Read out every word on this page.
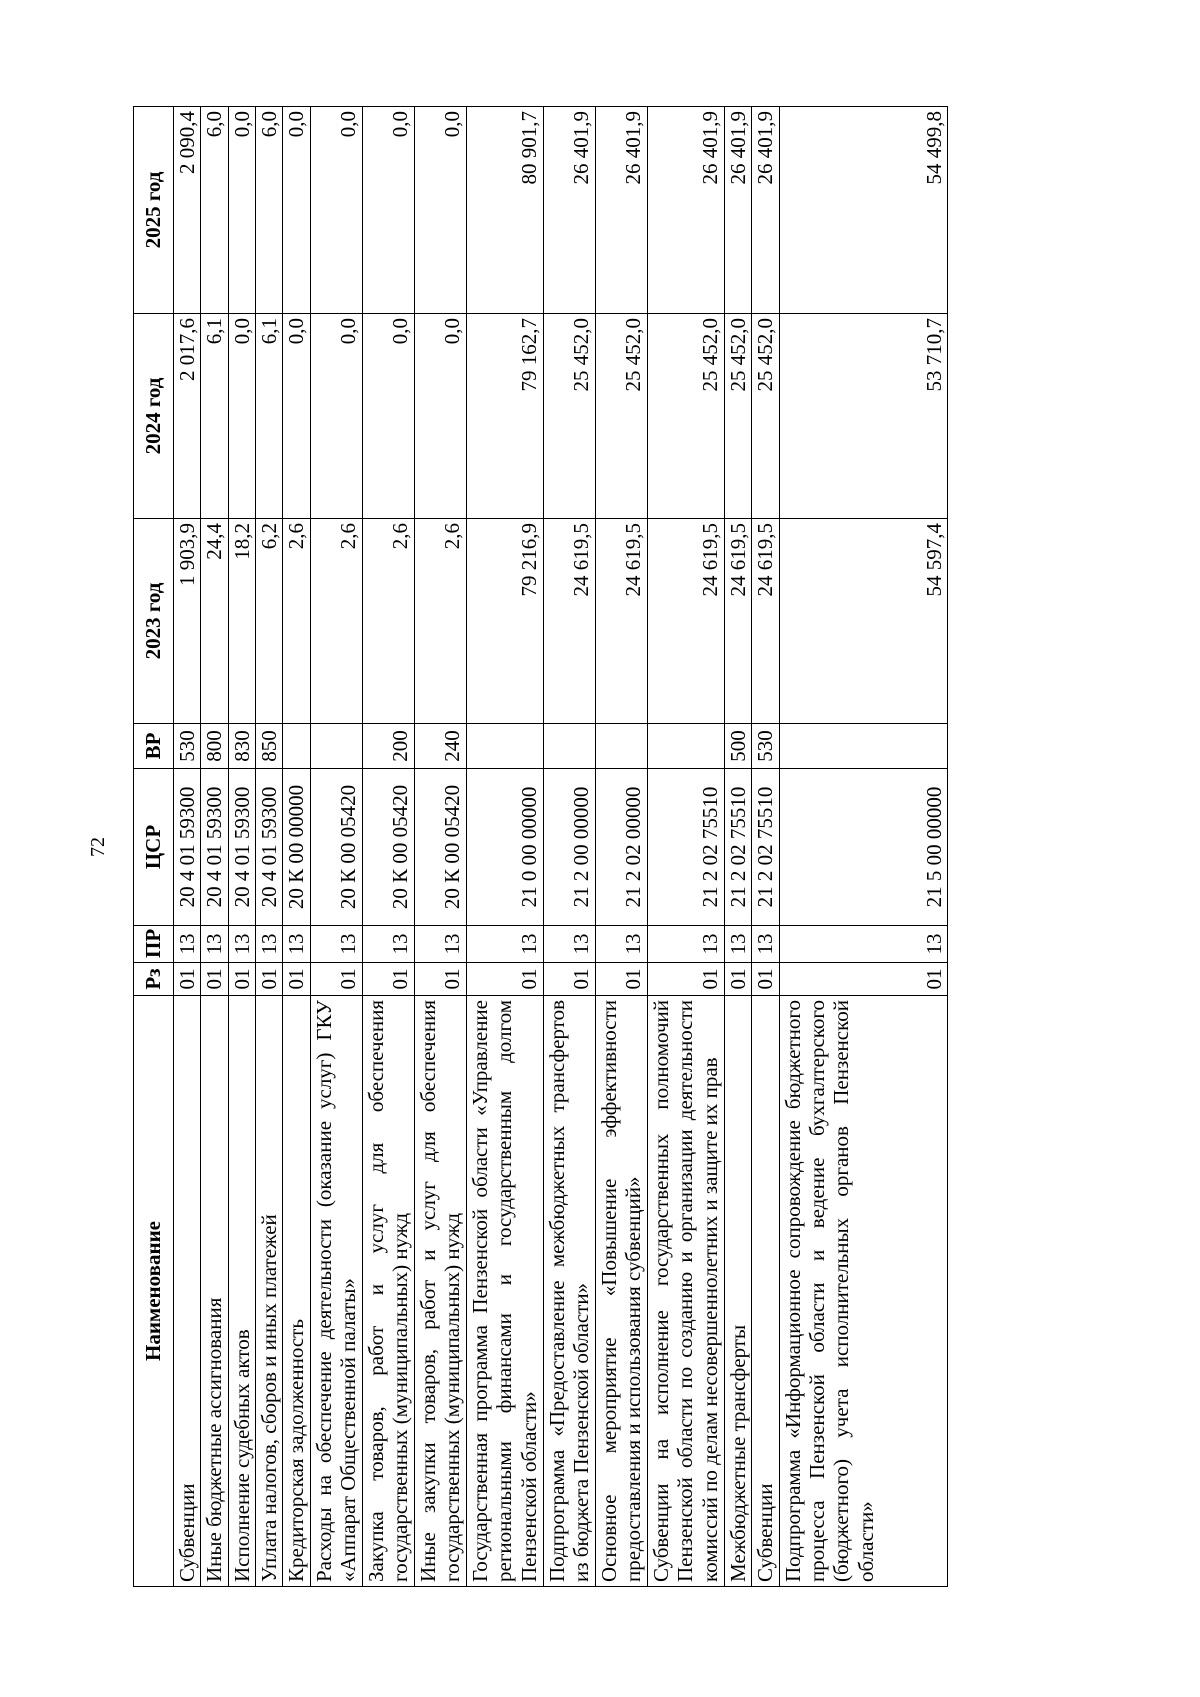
72
Наименование	Рз	ПР	ЦСР	ВР	2023 год	2024 год	2025 год
Субвенции	01	13	20 4 01 59300	530	1 903,9	2 017,6	2 090,4
Иные бюджетные ассигнования	01	13	20 4 01 59300	800	24,4	6,1	6,0
Исполнение судебных актов	01	13	20 4 01 59300	830	18,2	0,0	0,0
Уплата налогов, сборов и иных платежей	01	13	20 4 01 59300	850	6,2	6,1	6,0
Кредиторская задолженность	01	13	20 К 00 00000		2,6	0,0	0,0
Расходы на обеспечение деятельности (оказание услуг) ГКУ «Аппарат Общественной палаты»	01	13	20 К 00 05420		2,6	0,0	0,0
Закупка товаров, работ и услуг для обеспечения государственных (муниципальных) нужд	01	13	20 К 00 05420	200	2,6	0,0	0,0
Иные закупки товаров, работ и услуг для обеспечения государственных (муниципальных) нужд	01	13	20 К 00 05420	240	2,6	0,0	0,0
Государственная программа Пензенской области «Управление региональными финансами и государственным долгом Пензенской области»	01	13	21 0 00 00000		79 216,9	79 162,7	80 901,7
Подпрограмма «Предоставление межбюджетных трансфертов из бюджета Пензенской области»	01	13	21 2 00 00000		24 619,5	25 452,0	26 401,9
Основное мероприятие «Повышение эффективности предоставления и использования субвенций»	01	13	21 2 02 00000		24 619,5	25 452,0	26 401,9
Субвенции на исполнение государственных полномочий Пензенской области по созданию и организации деятельности комиссий по делам несовершеннолетних и защите их прав	01	13	21 2 02 75510		24 619,5	25 452,0	26 401,9
Межбюджетные трансферты	01	13	21 2 02 75510	500	24 619,5	25 452,0	26 401,9
Субвенции	01	13	21 2 02 75510	530	24 619,5	25 452,0	26 401,9
Подпрограмма «Информационное сопровождение бюджетного процесса Пензенской области и ведение бухгалтерского (бюджетного) учета исполнительных органов Пензенской области»	01	13	21 5 00 00000		54 597,4	53 710,7	54 499,8
